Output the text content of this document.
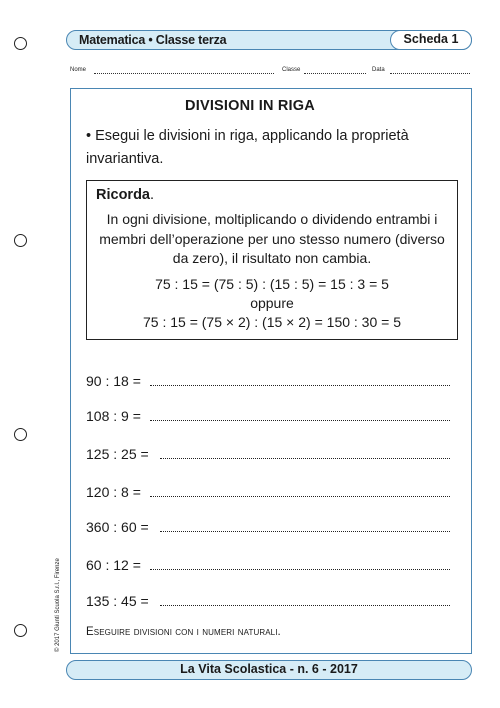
Matematica • Classe terza	Scheda 1
Nome	Classe	Data
DIVISIONI IN RIGA
• Esegui le divisioni in riga, applicando la proprietà invariantiva.
Ricorda.
In ogni divisione, moltiplicando o dividendo entrambi i membri dell’operazione per uno stesso numero (diverso da zero), il risultato non cambia.
75 : 15 = (75 : 5) : (15 : 5) = 15 : 3 = 5
oppure
75 : 15 = (75 × 2) : (15 × 2) = 150 : 30 = 5
90 : 18 =
108 : 9 =
125 : 25 =
120 : 8 =
360 : 60 =
60 : 12 =
135 : 45 =
Eseguire divisioni con i numeri naturali.
© 2017 Giunti Scuola S.r.l., Firenze
La Vita Scolastica - n. 6 - 2017
